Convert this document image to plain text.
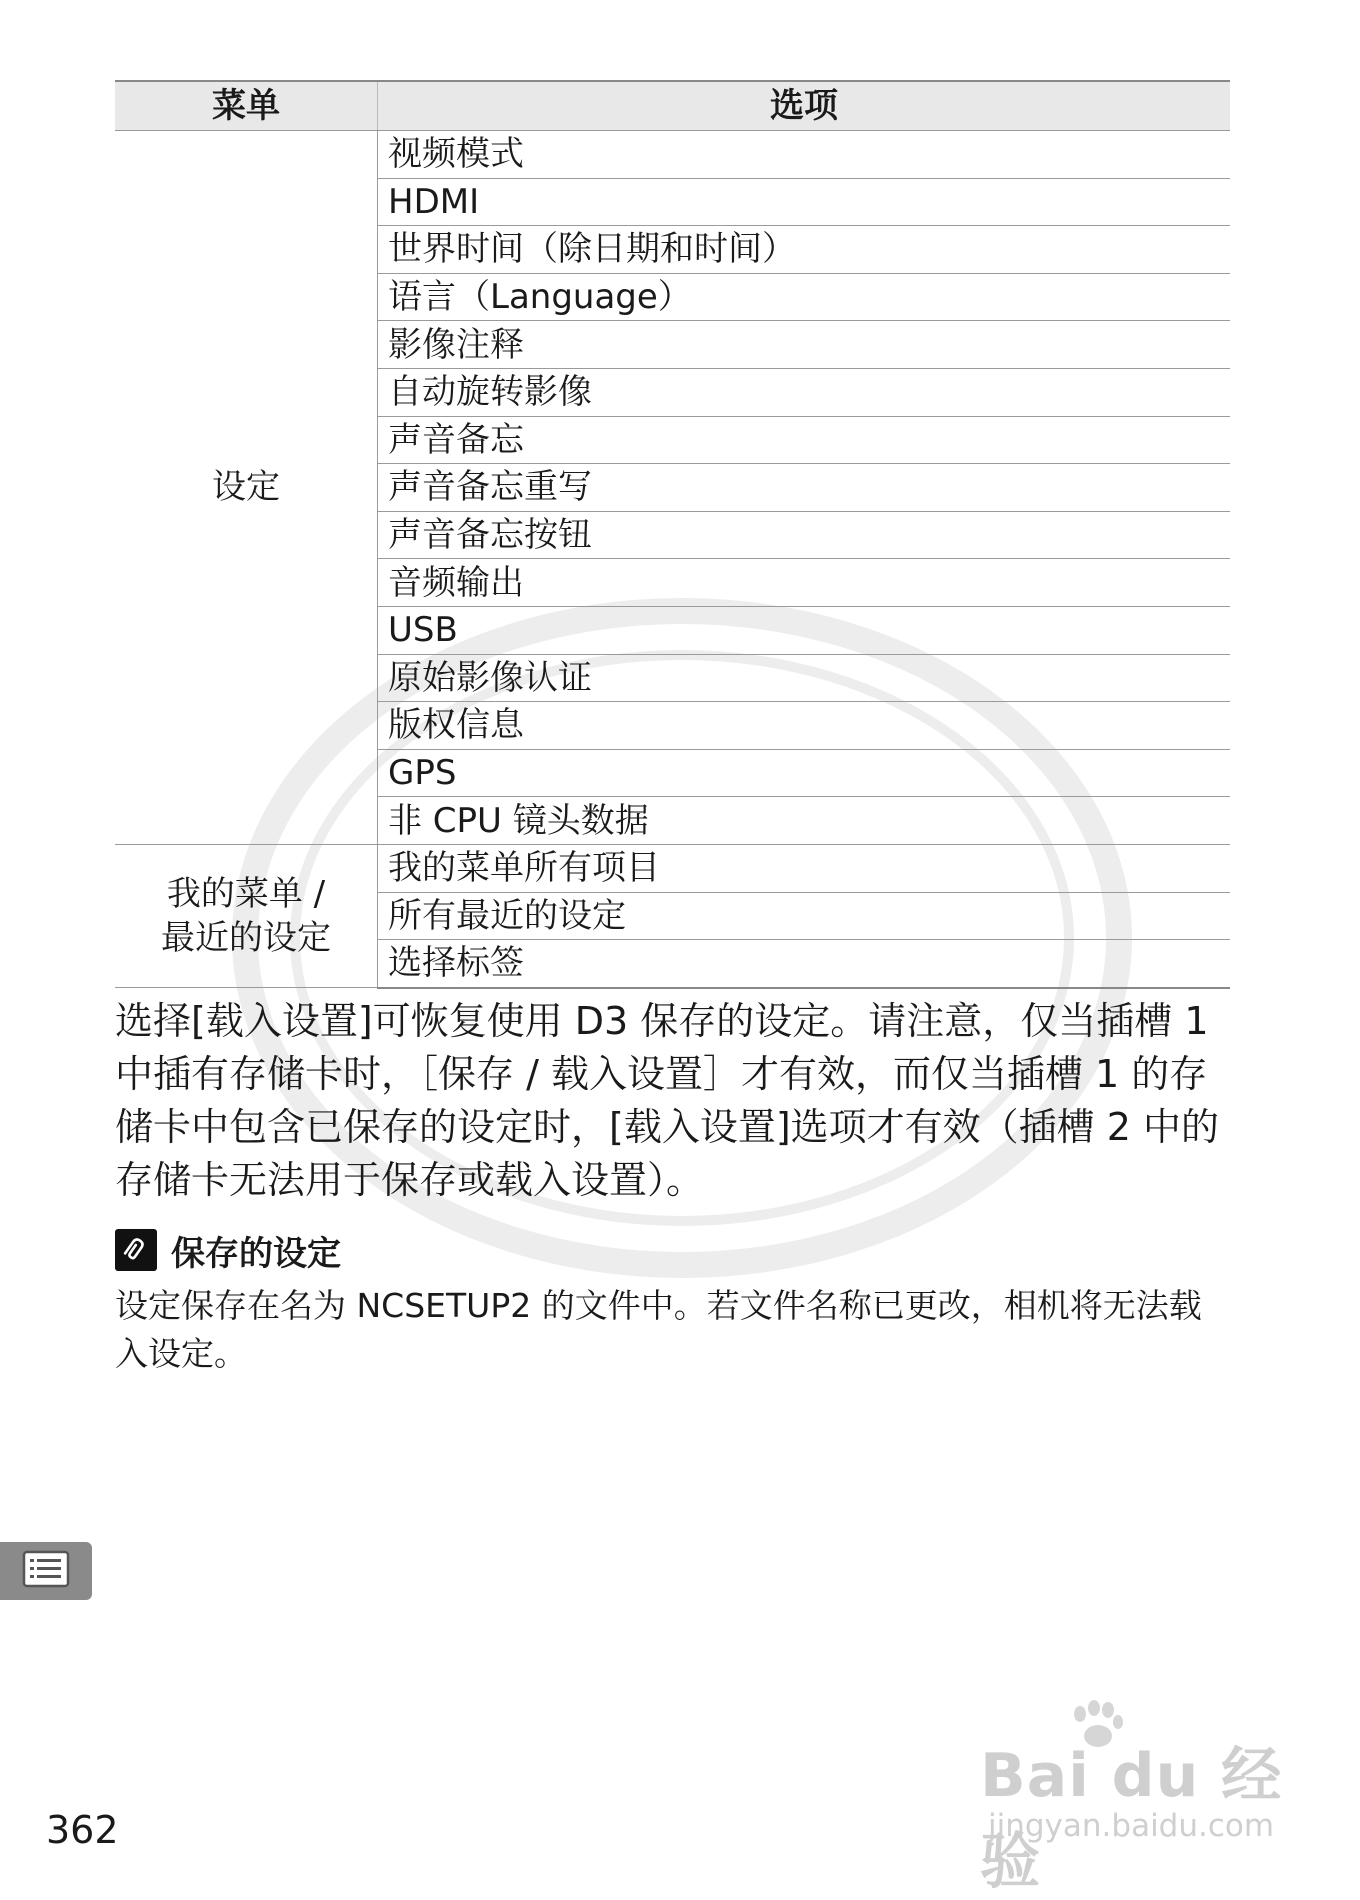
菜单	选项
设定	视频模式
	HDMI
	世界时间（除日期和时间）
	语言（Language）
	影像注释
	自动旋转影像
	声音备忘
	声音备忘重写
	声音备忘按钮
	音频输出
	USB
	原始影像认证
	版权信息
	GPS
	非 CPU 镜头数据

我的菜单 /
最近的设定	我的菜单所有项目
	所有最近的设定
	选择标签

选择[载入设置]可恢复使用 D3 保存的设定。请注意，仅当插槽 1 中插有存储卡时，［保存 / 载入设置］才有效，而仅当插槽 1 的存储卡中包含已保存的设定时，[载入设置]选项才有效（插槽 2 中的存储卡无法用于保存或载入设置）。

保存的设定

设定保存在名为 NCSETUP2 的文件中。若文件名称已更改，相机将无法载入设定。

362
Bai du 经验
jingyan.baidu.com
